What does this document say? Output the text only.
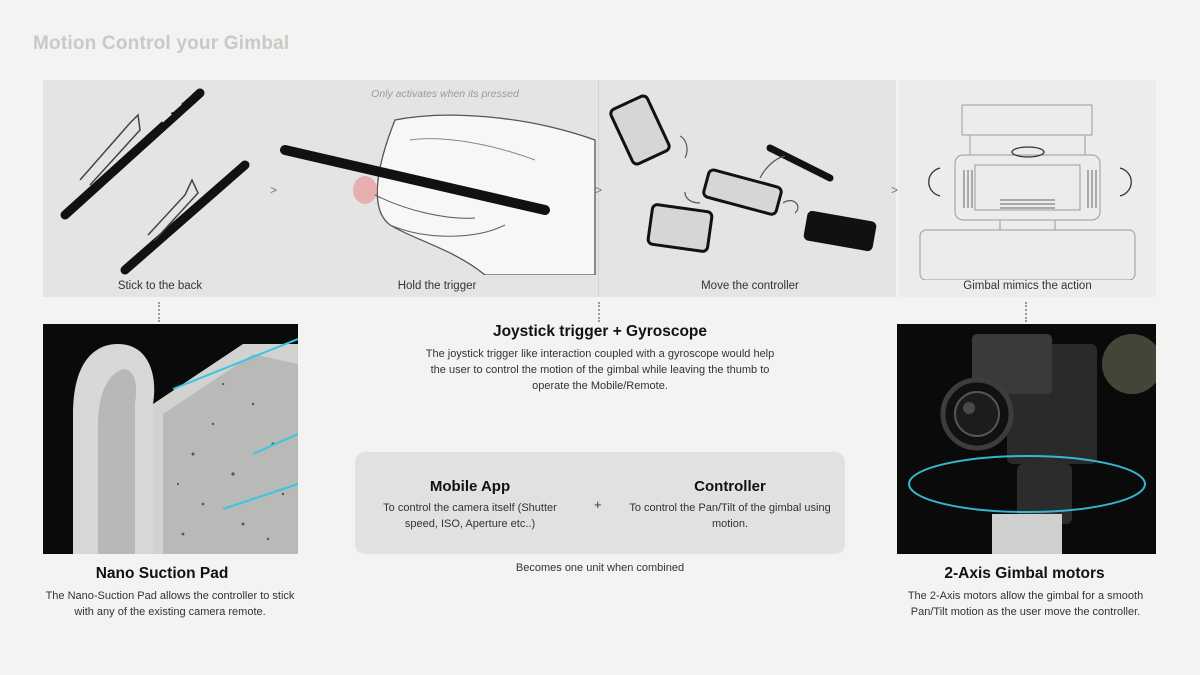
Motion Control your Gimbal
Stick to the back
>
Only activates when its pressed
Hold the trigger
>
Move the controller
>
Gimbal mimics the action
Nano Suction Pad
The Nano-Suction Pad allows the controller to stick with any of the existing camera remote.
Joystick trigger + Gyroscope
The joystick trigger like interaction coupled with a gyroscope would help the user to control the motion of the gimbal while leaving the thumb to operate the Mobile/Remote.
Mobile App
To control the camera itself (Shutter speed, ISO, Aperture etc..)
+
Controller
To control the Pan/Tilt of the gimbal using motion.
Becomes one unit when combined	2-Axis Gimbal motors
The 2-Axis motors allow the gimbal for a smooth Pan/Tilt motion as the user move the controller.
